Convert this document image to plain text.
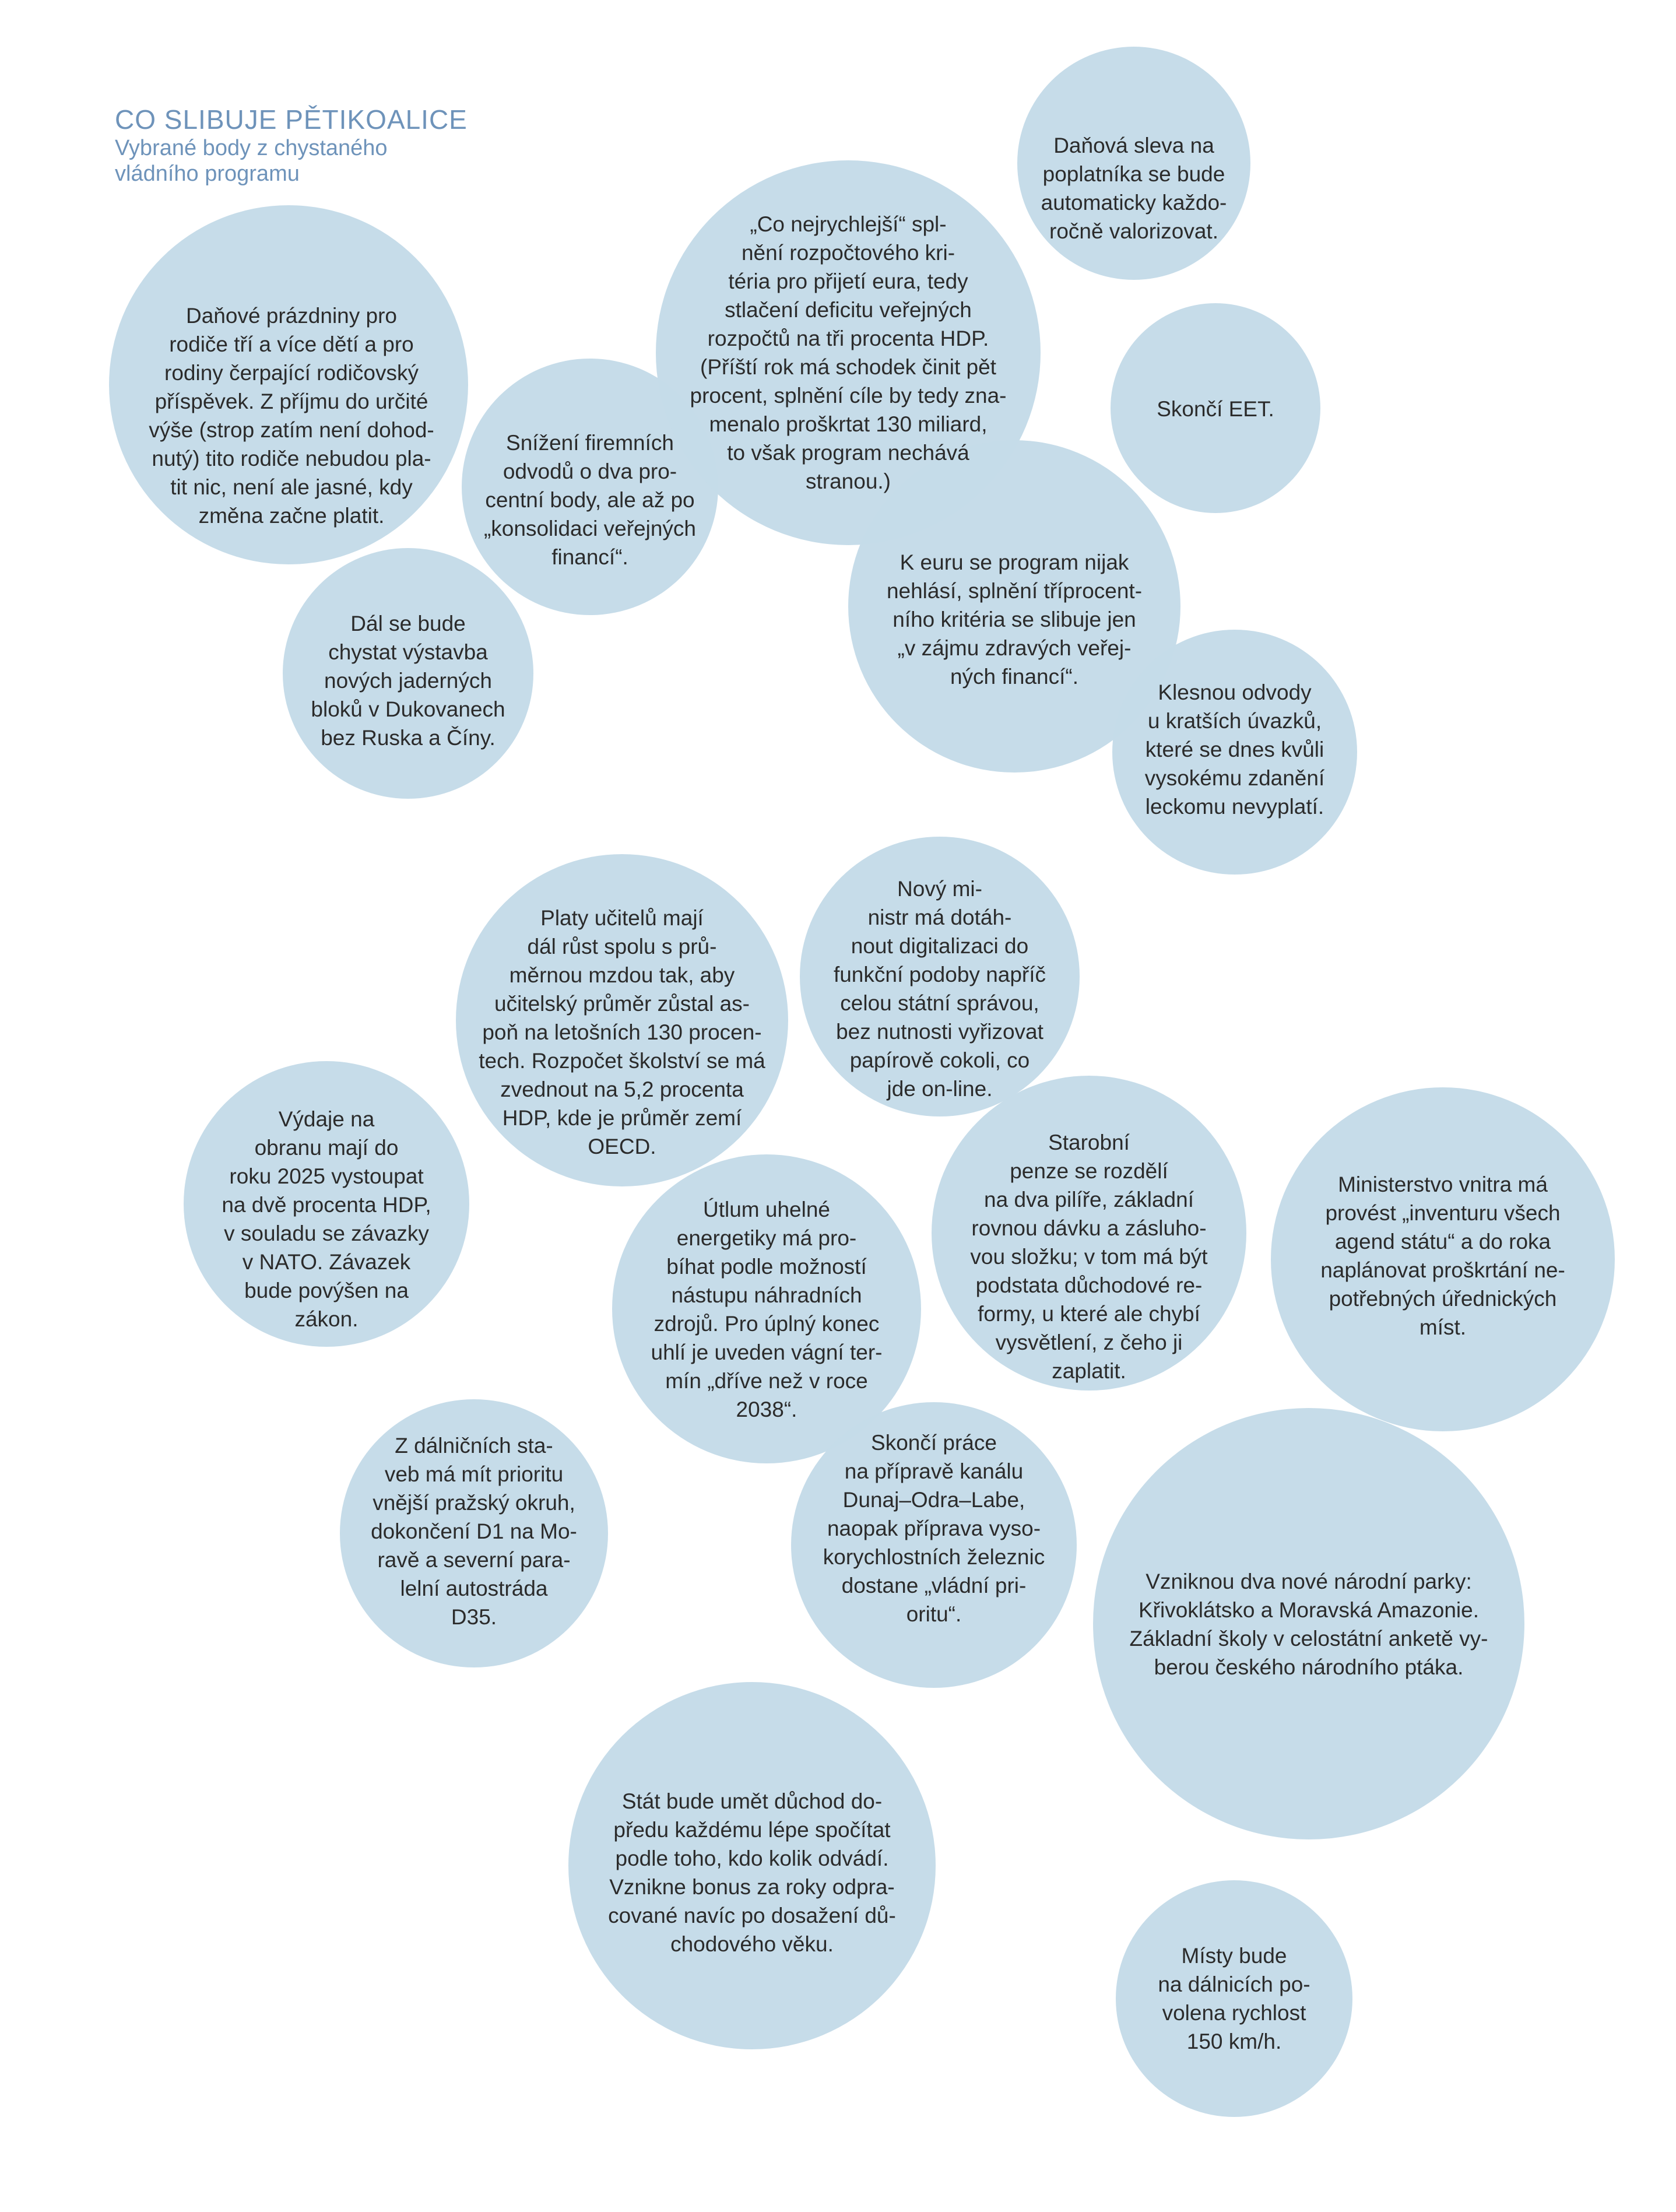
CO SLIBUJE PĚTIKOALICE
Vybrané body z chystaného
vládního programu
Daňové prázdniny pro
rodiče tří a více dětí a pro
rodiny čerpající rodičovský
příspěvek. Z příjmu do určité
výše (strop zatím není dohod-
nutý) tito rodiče nebudou pla-
tit nic, není ale jasné, kdy
změna začne platit.
Dál se bude
chystat výstavba
nových jaderných
bloků v Dukovanech
bez Ruska a Číny.
Snížení firemních
odvodů o dva pro-
centní body, ale až po
„konsolidaci veřejných
financí“.
„Co nejrychlejší“ spl-
nění rozpočtového kri-
téria pro přijetí eura, tedy
stlačení deficitu veřejných
rozpočtů na tři procenta HDP.
(Příští rok má schodek činit pět
procent, splnění cíle by tedy zna-
menalo proškrtat 130 miliard,
to však program nechává
stranou.)
Daňová sleva na
poplatníka se bude
automaticky každo-
ročně valorizovat.
Skončí EET.
K euru se program nijak
nehlásí, splnění tříprocent-
ního kritéria se slibuje jen
„v zájmu zdravých veřej-
ných financí“.
Klesnou odvody
u kratších úvazků,
které se dnes kvůli
vysokému zdanění
leckomu nevyplatí.
Platy učitelů mají
dál růst spolu s prů-
měrnou mzdou tak, aby
učitelský průměr zůstal as-
poň na letošních 130 procen-
tech. Rozpočet školství se má
zvednout na 5,2 procenta
HDP, kde je průměr zemí
OECD.
Nový mi-
nistr má dotáh-
nout digitalizaci do
funkční podoby napříč
celou státní správou,
bez nutnosti vyřizovat
papírově cokoli, co
jde on-line.
Výdaje na
obranu mají do
roku 2025 vystoupat
na dvě procenta HDP,
v souladu se závazky
v NATO. Závazek
bude povýšen na
zákon.
Útlum uhelné
energetiky má pro-
bíhat podle možností
nástupu náhradních
zdrojů. Pro úplný konec
uhlí je uveden vágní ter-
mín „dříve než v roce
2038“.
Starobní
penze se rozdělí
na dva pilíře, základní
rovnou dávku a zásluho-
vou složku; v tom má být
podstata důchodové re-
formy, u které ale chybí
vysvětlení, z čeho ji
zaplatit.
Ministerstvo vnitra má
provést „inventuru všech
agend státu“ a do roka
naplánovat proškrtání ne-
potřebných úřednických
míst.
Z dálničních sta-
veb má mít prioritu
vnější pražský okruh,
dokončení D1 na Mo-
ravě a severní para-
lelní autostráda
D35.
Skončí práce
na přípravě kanálu
Dunaj–Odra–Labe,
naopak příprava vyso-
korychlostních železnic
dostane „vládní pri-
oritu“.
Vzniknou dva nové národní parky:
Křivoklátsko a Moravská Amazonie.
Základní školy v celostátní anketě vy-
berou českého národního ptáka.
Stát bude umět důchod do-
předu každému lépe spočítat
podle toho, kdo kolik odvádí.
Vznikne bonus za roky odpra-
cované navíc po dosažení dů-
chodového věku.	Místy bude
na dálnicích po-
volena rychlost
150 km/h.
